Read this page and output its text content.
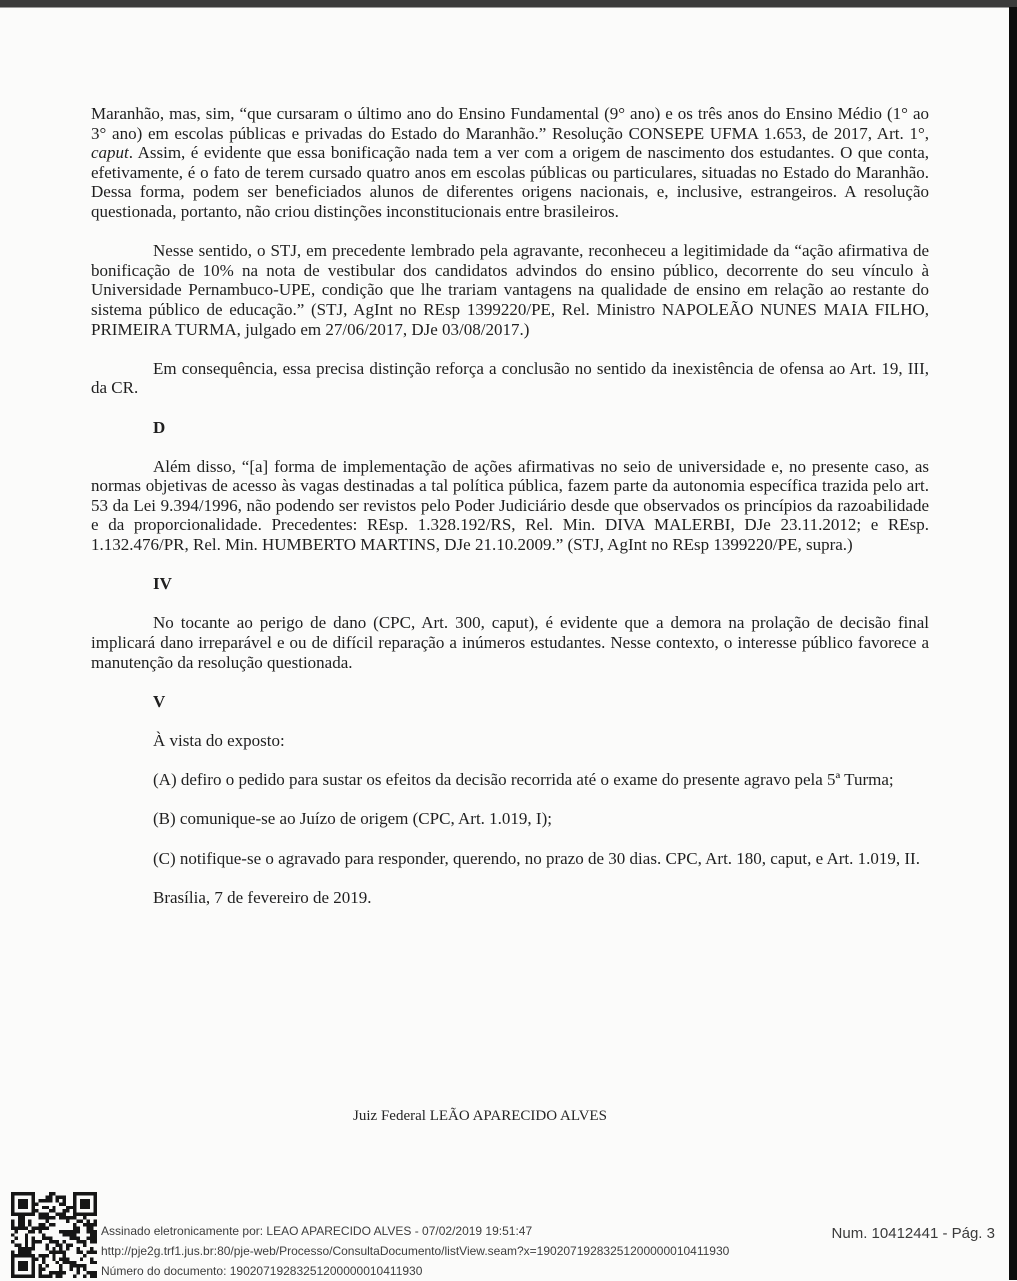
Maranhão, mas, sim, “que cursaram o último ano do Ensino Fundamental (9° ano) e os três anos do Ensino Médio (1° ao 3° ano) em escolas públicas e privadas do Estado do Maranhão.” Resolução CONSEPE UFMA 1.653, de 2017, Art. 1°, caput. Assim, é evidente que essa bonificação nada tem a ver com a origem de nascimento dos estudantes. O que conta, efetivamente, é o fato de terem cursado quatro anos em escolas públicas ou particulares, situadas no Estado do Maranhão. Dessa forma, podem ser beneficiados alunos de diferentes origens nacionais, e, inclusive, estrangeiros. A resolução questionada, portanto, não criou distinções inconstitucionais entre brasileiros.

Nesse sentido, o STJ, em precedente lembrado pela agravante, reconheceu a legitimidade da “ação afirmativa de bonificação de 10% na nota de vestibular dos candidatos advindos do ensino público, decorrente do seu vínculo à Universidade Pernambuco-UPE, condição que lhe trariam vantagens na qualidade de ensino em relação ao restante do sistema público de educação.” (STJ, AgInt no REsp 1399220/PE, Rel. Ministro NAPOLEÃO NUNES MAIA FILHO, PRIMEIRA TURMA, julgado em 27/06/2017, DJe 03/08/2017.)

Em consequência, essa precisa distinção reforça a conclusão no sentido da inexistência de ofensa ao Art. 19, III, da CR.

D

Além disso, “[a] forma de implementação de ações afirmativas no seio de universidade e, no presente caso, as normas objetivas de acesso às vagas destinadas a tal política pública, fazem parte da autonomia específica trazida pelo art. 53 da Lei 9.394/1996, não podendo ser revistos pelo Poder Judiciário desde que observados os princípios da razoabilidade e da proporcionalidade. Precedentes: REsp. 1.328.192/RS, Rel. Min. DIVA MALERBI, DJe 23.11.2012; e REsp. 1.132.476/PR, Rel. Min. HUMBERTO MARTINS, DJe 21.10.2009.” (STJ, AgInt no REsp 1399220/PE, supra.)

IV

No tocante ao perigo de dano (CPC, Art. 300, caput), é evidente que a demora na prolação de decisão final implicará dano irreparável e ou de difícil reparação a inúmeros estudantes. Nesse contexto, o interesse público favorece a manutenção da resolução questionada.

V

À vista do exposto:

(A) defiro o pedido para sustar os efeitos da decisão recorrida até o exame do presente agravo pela 5ª Turma;

(B) comunique-se ao Juízo de origem (CPC, Art. 1.019, I);

(C) notifique-se o agravado para responder, querendo, no prazo de 30 dias. CPC, Art. 180, caput, e Art. 1.019, II.

Brasília, 7 de fevereiro de 2019.

Juiz Federal LEÃO APARECIDO ALVES
Assinado eletronicamente por: LEAO APARECIDO ALVES - 07/02/2019 19:51:47
http://pje2g.trf1.jus.br:80/pje-web/Processo/ConsultaDocumento/listView.seam?x=19020719283251200000010411930
Número do documento: 19020719283251200000010411930
Num. 10412441 - Pág. 3
